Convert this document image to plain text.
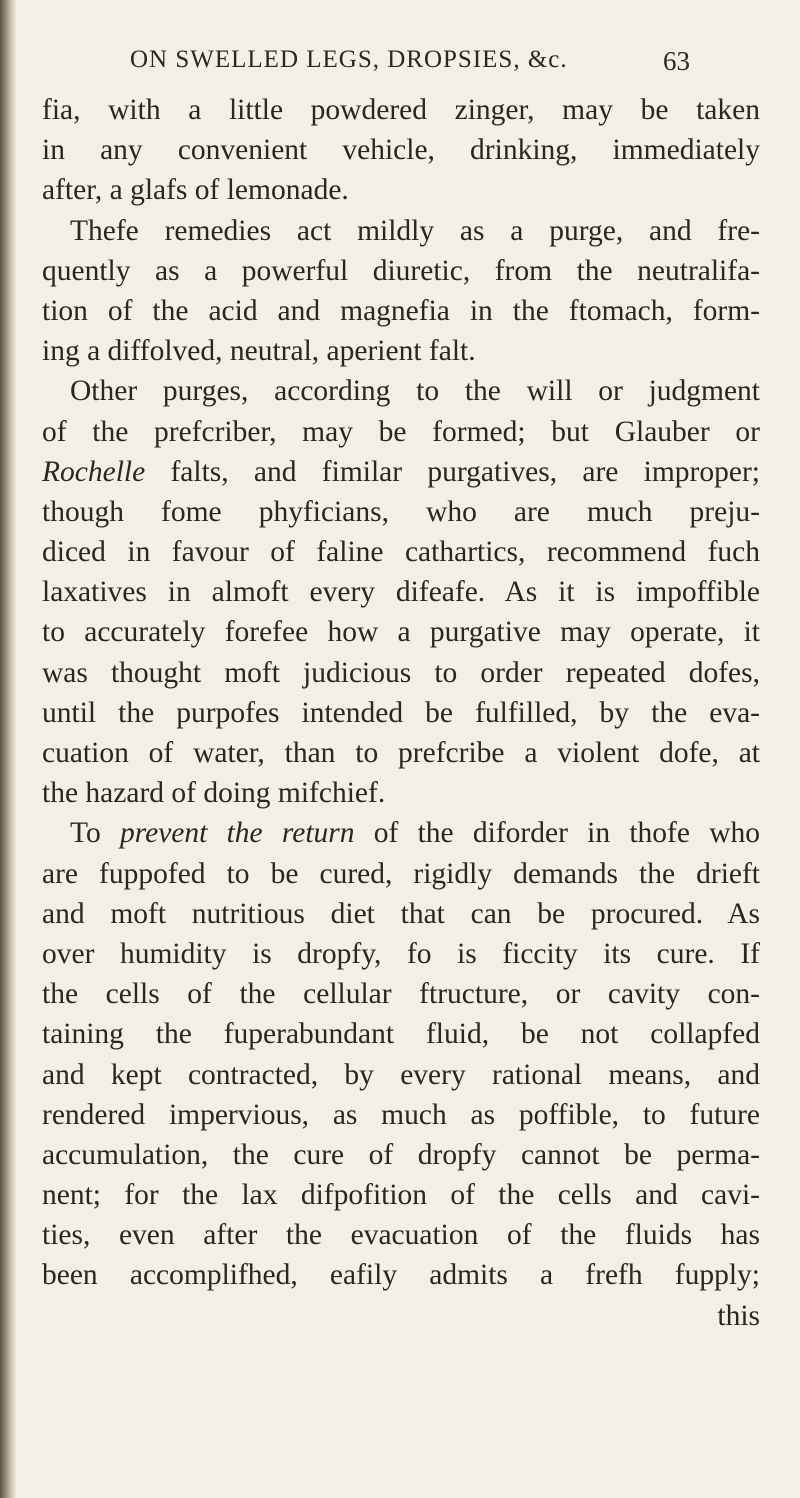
ON SWELLED LEGS, DROPSIES, &c.	63
fia, with a little powdered zinger, may be taken
in any convenient vehicle, drinking, immediately
after, a glafs of lemonade.
Thefe remedies act mildly as a purge, and fre-
quently as a powerful diuretic, from the neutralifa-
tion of the acid and magnefia in the ftomach, form-
ing a diffolved, neutral, aperient falt.
Other purges, according to the will or judgment
of the prefcriber, may be formed; but Glauber or
Rochelle falts, and fimilar purgatives, are improper;
though fome phyficians, who are much preju-
diced in favour of faline cathartics, recommend fuch
laxatives in almoft every difeafe. As it is impoffible
to accurately forefee how a purgative may operate, it
was thought moft judicious to order repeated dofes,
until the purpofes intended be fulfilled, by the eva-
cuation of water, than to prefcribe a violent dofe, at
the hazard of doing mifchief.
To prevent the return of the diforder in thofe who
are fuppofed to be cured, rigidly demands the drieft
and moft nutritious diet that can be procured. As
over humidity is dropfy, fo is ficcity its cure. If
the cells of the cellular ftructure, or cavity con-
taining the fuperabundant fluid, be not collapfed
and kept contracted, by every rational means, and
rendered impervious, as much as poffible, to future
accumulation, the cure of dropfy cannot be perma-
nent; for the lax difpofition of the cells and cavi-
ties, even after the evacuation of the fluids has
been accomplifhed, eafily admits a frefh fupply;
this
